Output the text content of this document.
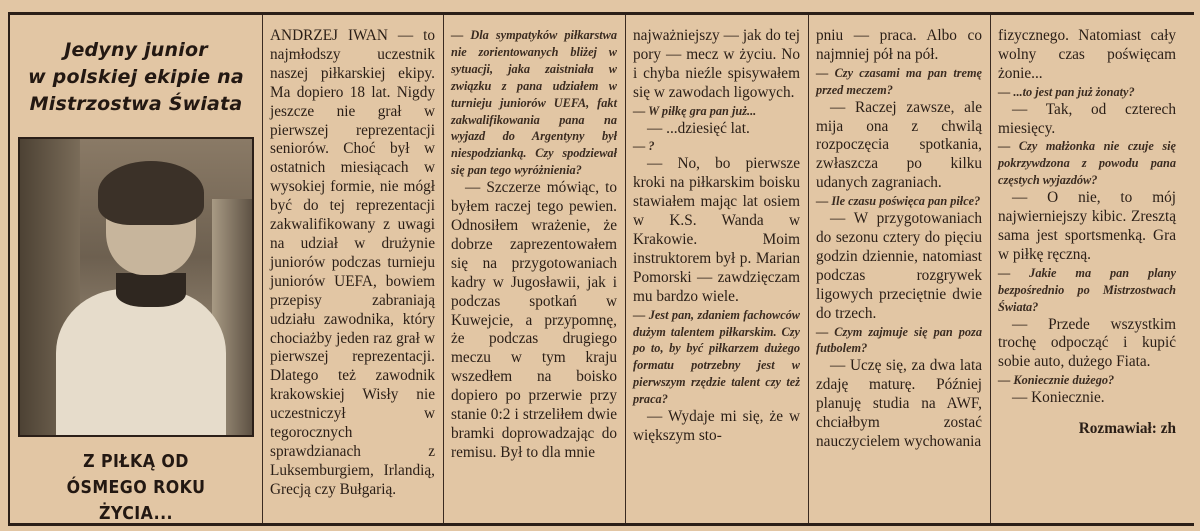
Jedyny junior
w polskiej ekipie na
Mistrzostwa Świata
Z PIŁKĄ OD
ÓSMEGO ROKU ŻYCIA...

ANDRZEJ IWAN — to najmłodszy uczestnik naszej piłkarskiej ekipy. Ma dopiero 18 lat. Nigdy jeszcze nie grał w pierwszej reprezentacji seniorów. Choć był w ostatnich miesiącach w wysokiej formie, nie mógł być do tej reprezentacji zakwalifikowany z uwagi na udział w drużynie juniorów podczas turnieju juniorów UEFA, bowiem przepisy zabraniają udziału zawodnika, który chociażby jeden raz grał w pierwszej reprezentacji. Dlatego też zawodnik krakowskiej Wisły nie uczestniczył w tegorocznych sprawdzianach z Luksemburgiem, Irlandią, Grecją czy Bułgarią.

— Dla sympatyków piłkarstwa nie zorientowanych bliżej w sytuacji, jaka zaistniała w związku z pana udziałem w turnieju juniorów UEFA, fakt zakwalifikowania pana na wyjazd do Argentyny był niespodzianką. Czy spodziewał się pan tego wyróżnienia?

— Szczerze mówiąc, to byłem raczej tego pewien. Odnosiłem wrażenie, że dobrze zaprezentowałem się na przygotowaniach kadry w Jugosławii, jak i podczas spotkań w Kuwejcie, a przypomnę, że podczas drugiego meczu w tym kraju wszedłem na boisko dopiero po przerwie przy stanie 0:2 i strzeliłem dwie bramki doprowadzając do remisu. Był to dla mnie

najważniejszy — jak do tej pory — mecz w życiu. No i chyba nieźle spisywałem się w zawodach ligowych.

— W piłkę gra pan już...

— ...dziesięć lat.

— ?

— No, bo pierwsze kroki na piłkarskim boisku stawiałem mając lat osiem w K.S. Wanda w Krakowie. Moim instruktorem był p. Marian Pomorski — zawdzięczam mu bardzo wiele.

— Jest pan, zdaniem fachowców dużym talentem piłkarskim. Czy po to, by być piłkarzem dużego formatu potrzebny jest w pierwszym rzędzie talent czy też praca?

— Wydaje mi się, że w większym sto-

pniu — praca. Albo co najmniej pół na pół.

— Czy czasami ma pan tremę przed meczem?

— Raczej zawsze, ale mija ona z chwilą rozpoczęcia spotkania, zwłaszcza po kilku udanych zagraniach.

— Ile czasu poświęca pan piłce?

— W przygotowaniach do sezonu cztery do pięciu godzin dziennie, natomiast podczas rozgrywek ligowych przeciętnie dwie do trzech.

— Czym zajmuje się pan poza futbolem?

— Uczę się, za dwa lata zdaję maturę. Później planuję studia na AWF, chciałbym zostać nauczycielem wychowania

fizycznego. Natomiast cały wolny czas poświęcam żonie...

— ...to jest pan już żonaty?

— Tak, od czterech miesięcy.

— Czy małżonka nie czuje się pokrzywdzona z powodu pana częstych wyjazdów?

— O nie, to mój najwierniejszy kibic. Zresztą sama jest sportsmenką. Gra w piłkę ręczną.

— Jakie ma pan plany bezpośrednio po Mistrzostwach Świata?

— Przede wszystkim trochę odpocząć i kupić sobie auto, dużego Fiata.

— Koniecznie dużego?

— Koniecznie.

Rozmawiał: zh
